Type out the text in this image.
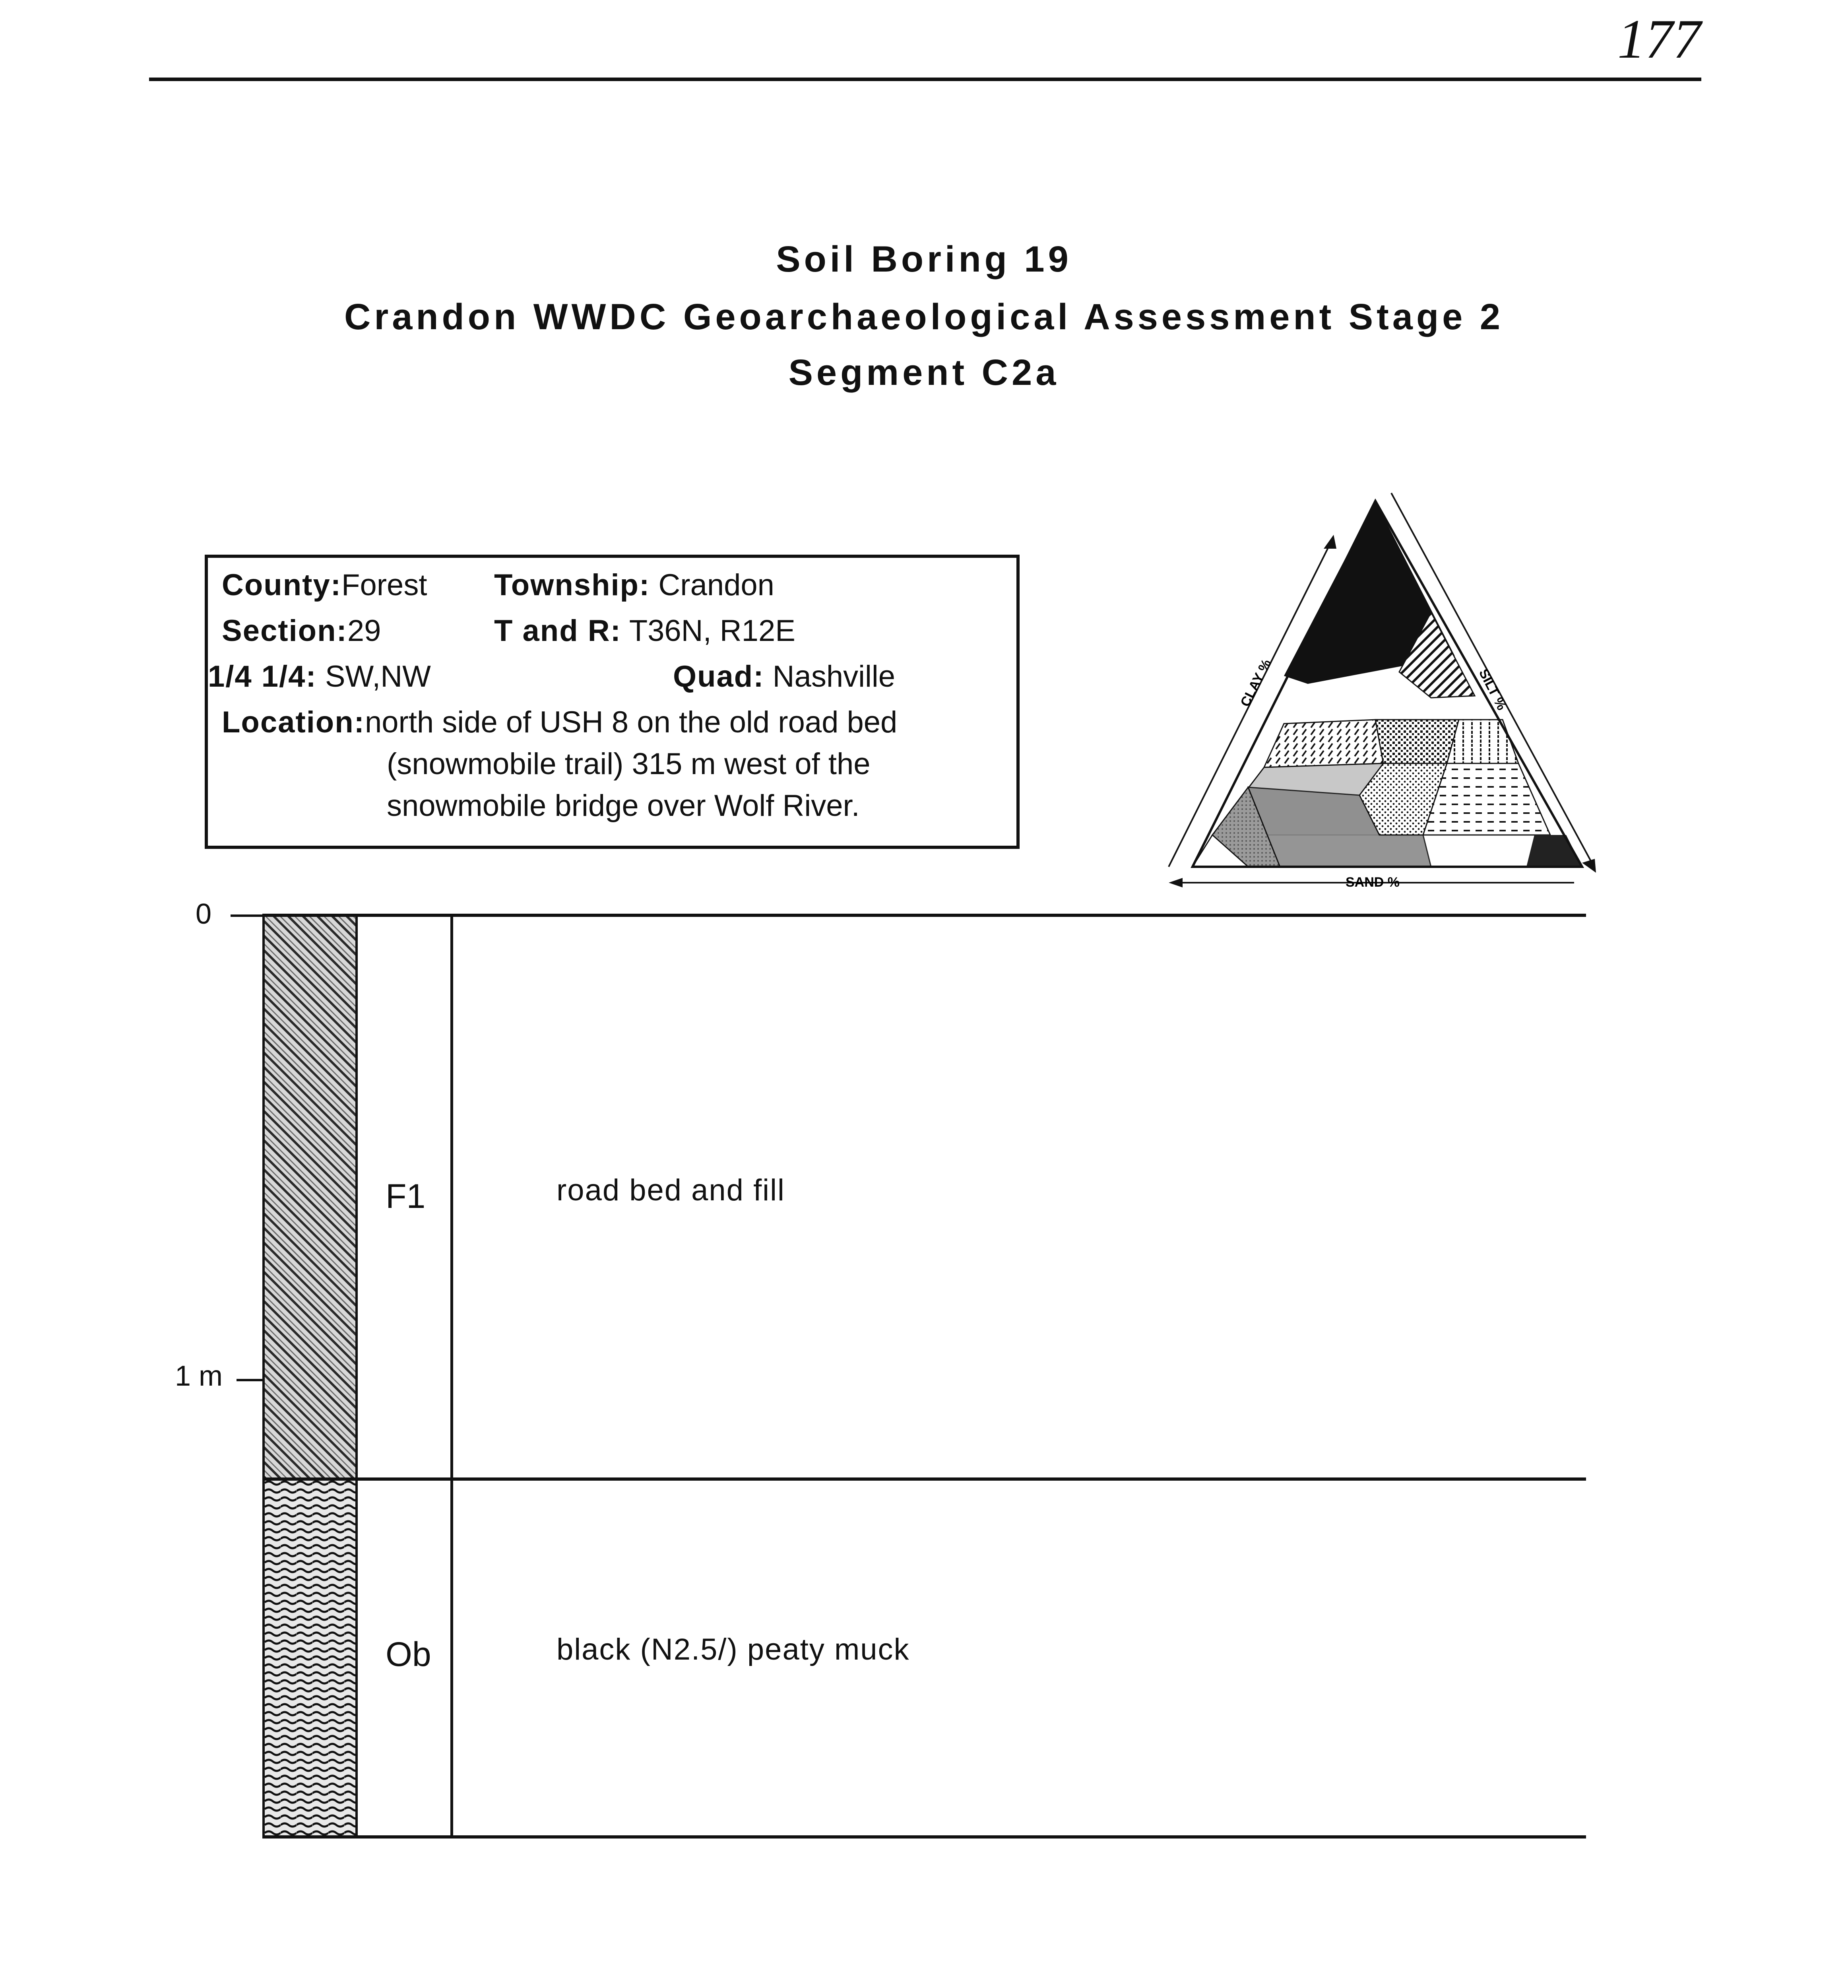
177
Soil Boring 19
Crandon WWDC Geoarchaeological Assessment Stage 2
Segment C2a
County:Forest Township: Crandon
Section:29	T and R: T36N, R12E
1/4 1/4: SW,NW	Quad: Nashville
Location:north side of USH 8 on the old road bed
(snowmobile trail) 315 m west of the
snowmobile bridge over Wolf River.
CLAY %	SILT %
SAND %
0
1 m
F1	road bed and fill
Ob	black (N2.5/) peaty muck
